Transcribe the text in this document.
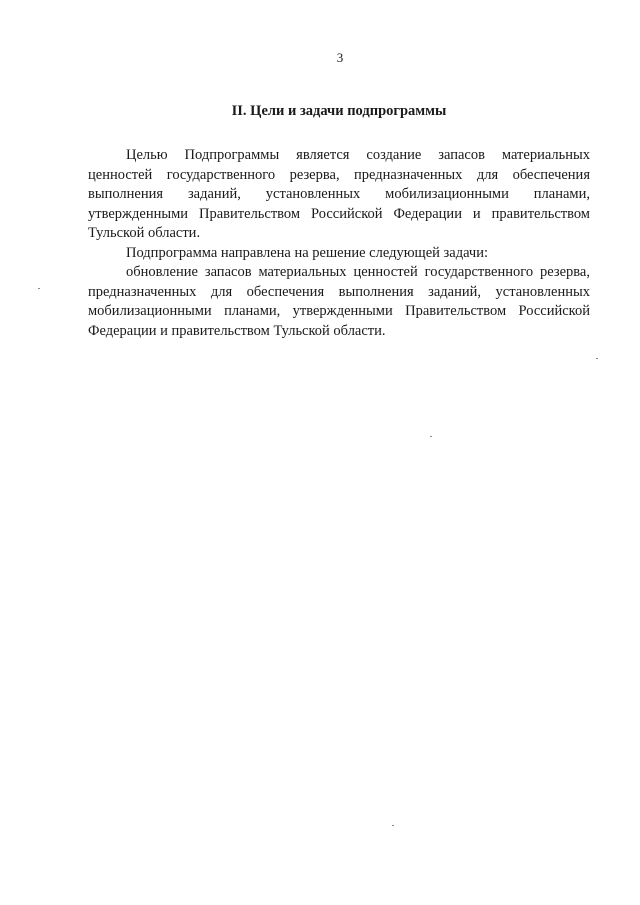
3
II. Цели и задачи подпрограммы

Целью Подпрограммы является создание запасов материальных ценностей государственного резерва, предназначенных для обеспечения выполнения заданий, установленных мобилизационными планами, утвержденными Правительством Российской Федерации и правительством Тульской области.

Подпрограмма направлена на решение следующей задачи:

обновление запасов материальных ценностей государственного резерва, предназначенных для обеспечения выполнения заданий, установленных мобилизационными планами, утвержденными Правительством Российской Федерации и правительством Тульской области.
